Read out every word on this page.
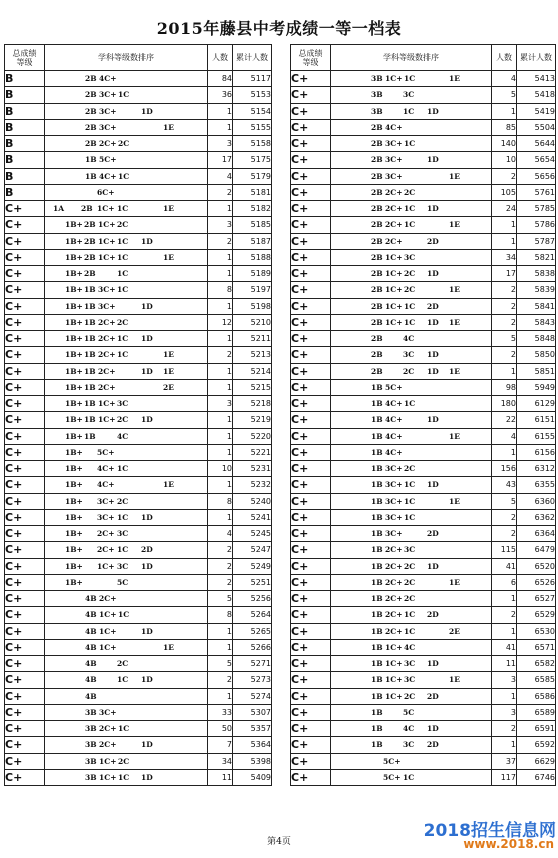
2015年藤县中考成绩一等一档表
总成绩
等级	学科等级数排序	人数	累计人数
B	2B 4C+	84	5117
B	2B 3C+ 1C	36	5153
B	2B 3C+ 1D	1	5154
B	2B 3C+ 1E	1	5155
B	2B 2C+ 2C	3	5158
B	1B 5C+	17	5175
B	1B 4C+ 1C	4	5179
B	6C+	2	5181
C+	1A 2B 1C+ 1C 1E	1	5182
C+	1B+ 2B 1C+ 2C	3	5185
C+	1B+ 2B 1C+ 1C 1D	2	5187
C+	1B+ 2B 1C+ 1C 1E	1	5188
C+	1B+ 2B 1C	1	5189
C+	1B+ 1B 3C+ 1C	8	5197
C+	1B+ 1B 3C+ 1D	1	5198
C+	1B+ 1B 2C+ 2C	12	5210
C+	1B+ 1B 2C+ 1C 1D	1	5211
C+	1B+ 1B 2C+ 1C 1E	2	5213
C+	1B+ 1B 2C+ 1D 1E	1	5214
C+	1B+ 1B 2C+ 2E	1	5215
C+	1B+ 1B 1C+ 3C	3	5218
C+	1B+ 1B 1C+ 2C 1D	1	5219
C+	1B+ 1B 4C	1	5220
C+	1B+ 5C+	1	5221
C+	1B+ 4C+ 1C	10	5231
C+	1B+ 4C+ 1E	1	5232
C+	1B+ 3C+ 2C	8	5240
C+	1B+ 3C+ 1C 1D	1	5241
C+	1B+ 2C+ 3C	4	5245
C+	1B+ 2C+ 1C 2D	2	5247
C+	1B+ 1C+ 3C 1D	2	5249
C+	1B+ 5C	2	5251
C+	4B 2C+	5	5256
C+	4B 1C+ 1C	8	5264
C+	4B 1C+ 1D	1	5265
C+	4B 1C+ 1E	1	5266
C+	4B 2C	5	5271
C+	4B 1C 1D	2	5273
C+	4B	1	5274
C+	3B 3C+	33	5307
C+	3B 2C+ 1C	50	5357
C+	3B 2C+ 1D	7	5364
C+	3B 1C+ 2C	34	5398
C+	3B 1C+ 1C 1D	11	5409
总成绩
等级	学科等级数排序	人数	累计人数
C+	3B 1C+ 1C 1E	4	5413
C+	3B 3C	5	5418
C+	3B 1C 1D	1	5419
C+	2B 4C+	85	5504
C+	2B 3C+ 1C	140	5644
C+	2B 3C+ 1D	10	5654
C+	2B 3C+ 1E	2	5656
C+	2B 2C+ 2C	105	5761
C+	2B 2C+ 1C 1D	24	5785
C+	2B 2C+ 1C 1E	1	5786
C+	2B 2C+ 2D	1	5787
C+	2B 1C+ 3C	34	5821
C+	2B 1C+ 2C 1D	17	5838
C+	2B 1C+ 2C 1E	2	5839
C+	2B 1C+ 1C 2D	2	5841
C+	2B 1C+ 1C 1D 1E	2	5843
C+	2B 4C	5	5848
C+	2B 3C 1D	2	5850
C+	2B 2C 1D 1E	1	5851
C+	1B 5C+	98	5949
C+	1B 4C+ 1C	180	6129
C+	1B 4C+ 1D	22	6151
C+	1B 4C+ 1E	4	6155
C+	1B 4C+	1	6156
C+	1B 3C+ 2C	156	6312
C+	1B 3C+ 1C 1D	43	6355
C+	1B 3C+ 1C 1E	5	6360
C+	1B 3C+ 1C	2	6362
C+	1B 3C+ 2D	2	6364
C+	1B 2C+ 3C	115	6479
C+	1B 2C+ 2C 1D	41	6520
C+	1B 2C+ 2C 1E	6	6526
C+	1B 2C+ 2C	1	6527
C+	1B 2C+ 1C 2D	2	6529
C+	1B 2C+ 1C 2E	1	6530
C+	1B 1C+ 4C	41	6571
C+	1B 1C+ 3C 1D	11	6582
C+	1B 1C+ 3C 1E	3	6585
C+	1B 1C+ 2C 2D	1	6586
C+	1B 5C	3	6589
C+	1B 4C 1D	2	6591
C+	1B 3C 2D	1	6592
C+	5C+	37	6629
C+	5C+ 1C	117	6746
第4页
2018招生信息网
www.2018.cn
